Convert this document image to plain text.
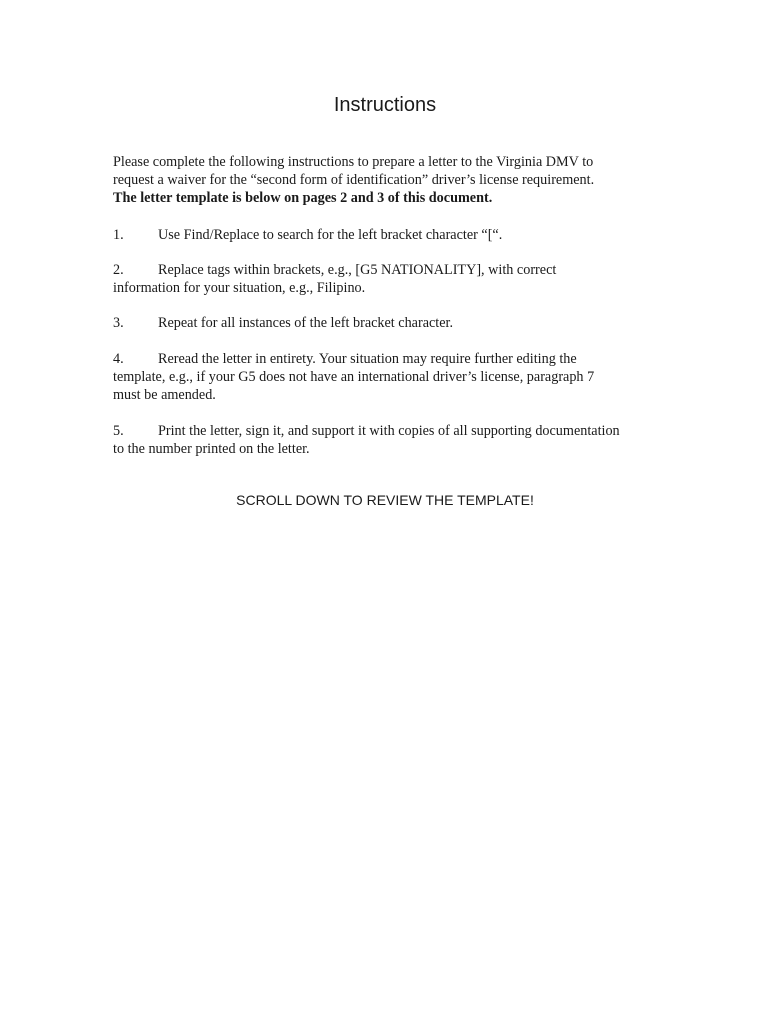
Instructions
Please complete the following instructions to prepare a letter to the Virginia DMV to
request a waiver for the “second form of identification” driver’s license requirement.
The letter template is below on pages 2 and 3 of this document.
1. Use Find/Replace to search for the left bracket character “[“.
2. Replace tags within brackets, e.g., [G5 NATIONALITY], with correct
information for your situation, e.g., Filipino.
3. Repeat for all instances of the left bracket character.
4. Reread the letter in entirety. Your situation may require further editing the
template, e.g., if your G5 does not have an international driver’s license, paragraph 7
must be amended.
5. Print the letter, sign it, and support it with copies of all supporting documentation
to the number printed on the letter.
SCROLL DOWN TO REVIEW THE TEMPLATE!
